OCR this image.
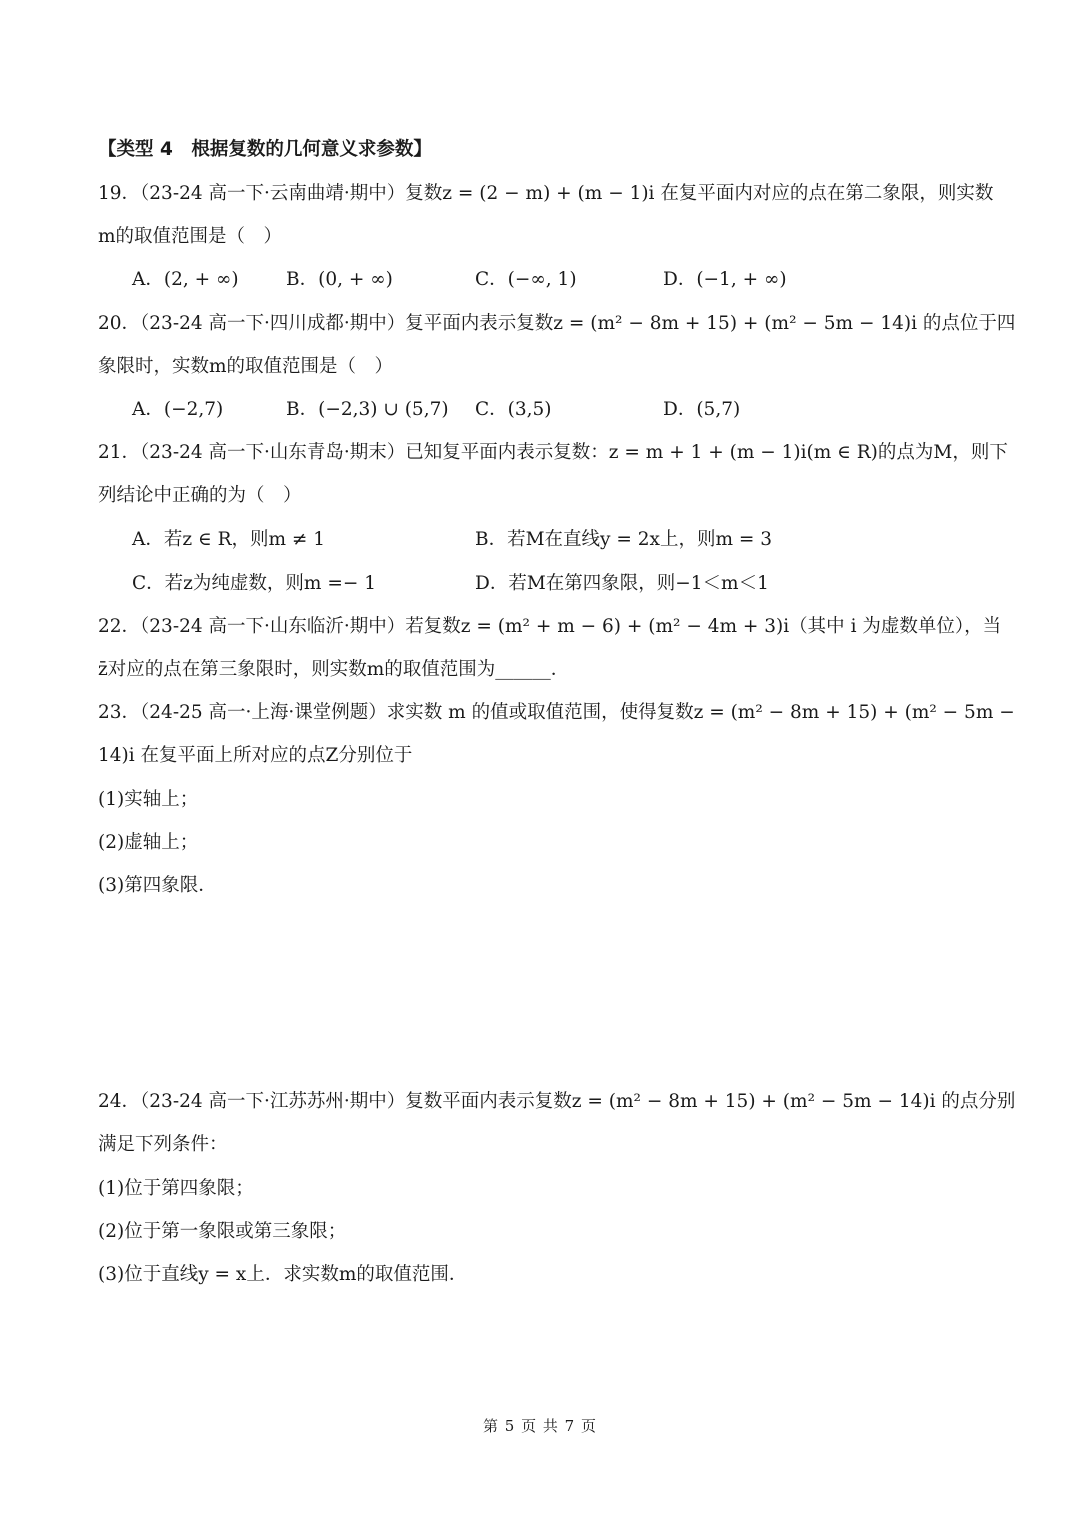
【类型 4　根据复数的几何意义求参数】
19．（23-24 高一下·云南曲靖·期中）复数z = (2 − m) + (m − 1)i 在复平面内对应的点在第二象限，则实数
m的取值范围是（　）
A．(2, + ∞)	B．(0, + ∞)	C．(−∞, 1)	D．(−1, + ∞)
20．（23-24 高一下·四川成都·期中）复平面内表示复数z = (m² − 8m + 15) + (m² − 5m − 14)i 的点位于四
象限时，实数m的取值范围是（　）
A．(−2,7)	B．(−2,3) ∪ (5,7) C．(3,5)	D．(5,7)
21．（23-24 高一下·山东青岛·期末）已知复平面内表示复数：z = m + 1 + (m − 1)i(m ∈ R)的点为M，则下
列结论中正确的为（　）
A．若z ∈ R，则m ≠ 1	B．若M在直线y = 2x上，则m = 3
C．若z为纯虚数，则m =− 1	D．若M在第四象限，则−1＜m＜1
22．（23-24 高一下·山东临沂·期中）若复数z = (m² + m − 6) + (m² − 4m + 3)i（其中 i 为虚数单位），当
z̄对应的点在第三象限时，则实数m的取值范围为______．
23．（24-25 高一·上海·课堂例题）求实数 m 的值或取值范围，使得复数z = (m² − 8m + 15) + (m² − 5m −
14)i 在复平面上所对应的点Z分别位于
(1)实轴上；
(2)虚轴上；
(3)第四象限．
24．（23-24 高一下·江苏苏州·期中）复数平面内表示复数z = (m² − 8m + 15) + (m² − 5m − 14)i 的点分别
满足下列条件：
(1)位于第四象限；
(2)位于第一象限或第三象限；
(3)位于直线y = x上．求实数m的取值范围．
第 5 页 共 7 页
